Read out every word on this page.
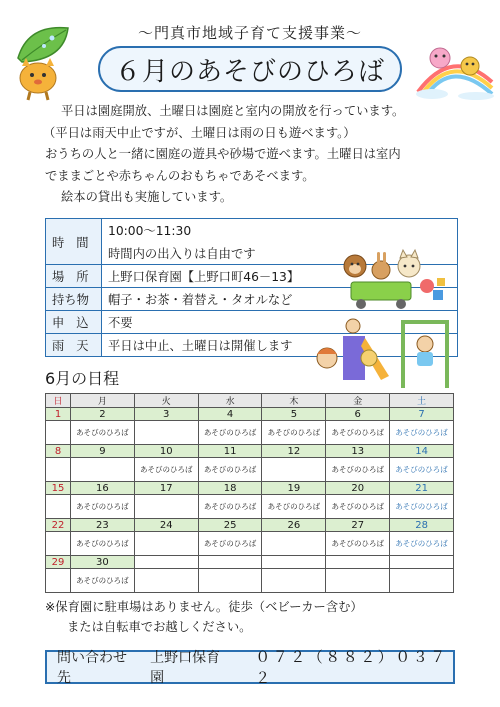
～門真市地域子育て支援事業～
６月のあそびのひろば

平日は園庭開放、土曜日は園庭と室内の開放を行っています。

（平日は雨天中止ですが、土曜日は雨の日も遊べます。）

おうちの人と一緒に園庭の遊具や砂場で遊べます。土曜日は室内

でままごとや赤ちゃんのおもちゃであそべます。

絵本の貸出も実施しています。

時 間	10:00～11:30
	時間内の出入りは自由です
場 所	上野口保育園【上野口町46－13】
持ち物	帽子・お茶・着替え・タオルなど
申 込	不要
雨 天	平日は中止、土曜日は開催します
6月の日程
日	月	火	水	木	金	土
1	2	3	4	5	6	7
	あそびのひろば		あそびのひろば	あそびのひろば	あそびのひろば	あそびのひろば
8	9	10	11	12	13	14
		あそびのひろば	あそびのひろば		あそびのひろば	あそびのひろば
15	16	17	18	19	20	21
	あそびのひろば		あそびのひろば	あそびのひろば	あそびのひろば	あそびのひろば
22	23	24	25	26	27	28
	あそびのひろば		あそびのひろば		あそびのひろば	あそびのひろば
29	30					
	あそびのひろば					

※保育園に駐車場はありません。徒歩（ベビーカー含む）

または自転車でお越しください。

問い合わせ先
上野口保育園
０７２（８８２）０３７２
